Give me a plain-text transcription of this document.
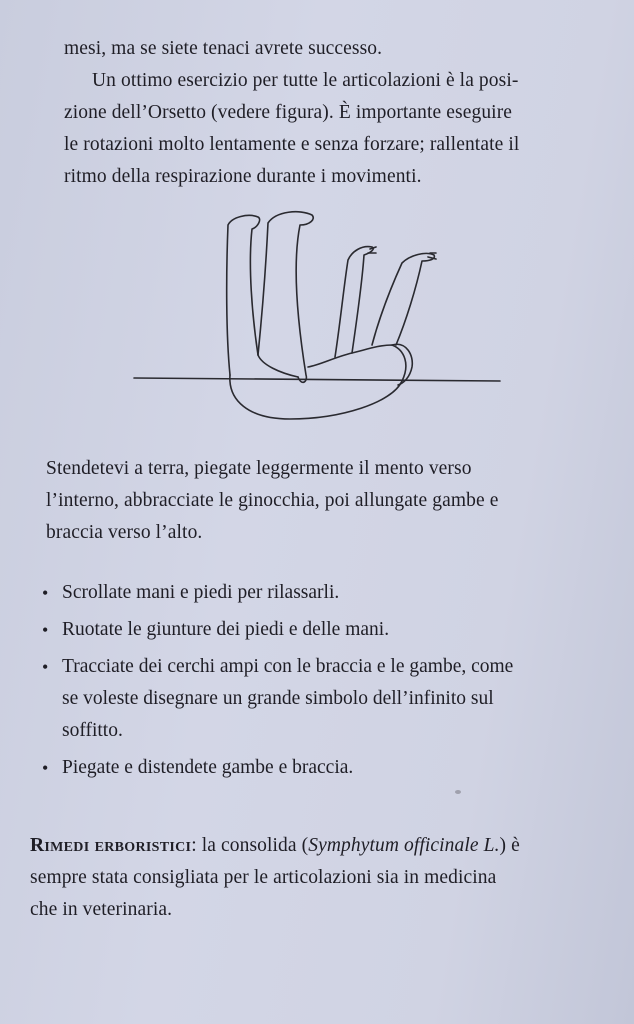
mesi, ma se siete tenaci avrete successo.
Un ottimo esercizio per tutte le articolazioni è la posi-
zione dell’Orsetto (vedere figura). È importante eseguire
le rotazioni molto lentamente e senza forzare; rallentate il
ritmo della respirazione durante i movimenti.
Stendetevi a terra, piegate leggermente il mento verso
l’interno, abbracciate le ginocchia, poi allungate gambe e
braccia verso l’alto.
• Scrollate mani e piedi per rilassarli.
• Ruotate le giunture dei piedi e delle mani.
• Tracciate dei cerchi ampi con le braccia e le gambe, come
se voleste disegnare un grande simbolo dell’infinito sul
soffitto.
• Piegate e distendete gambe e braccia.
Rimedi erboristici: la consolida (Symphytum officinale L.) è
sempre stata consigliata per le articolazioni sia in medicina
che in veterinaria.
